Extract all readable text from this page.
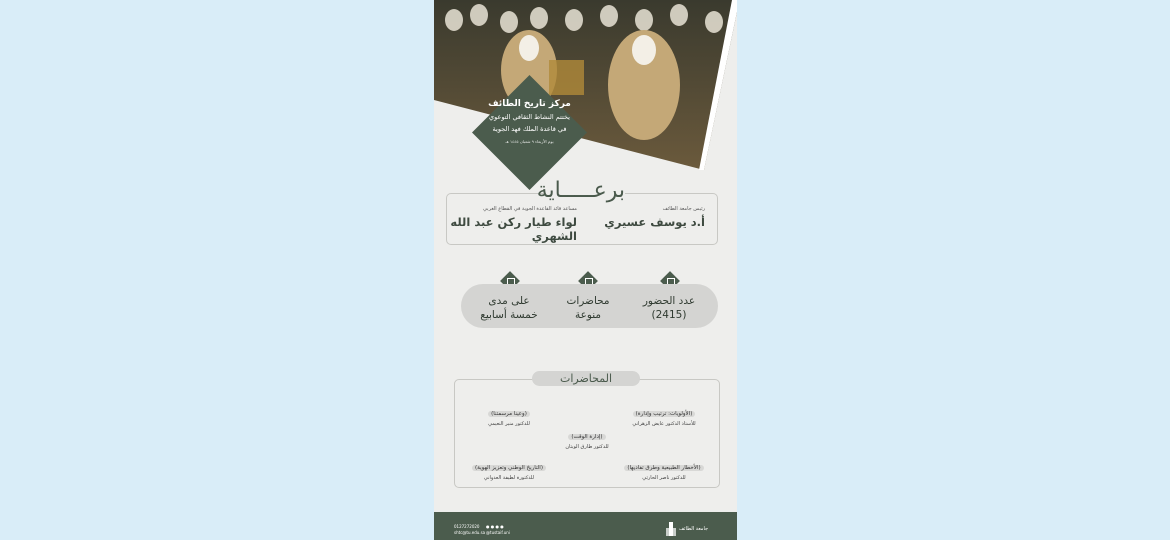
مركز تاريخ الطائف
يختتم النشاط الثقافي التوعوي
في قاعدة الملك فهد الجوية
يوم الأربعاء ٩ شعبان ١٤٤٥ هـ
رئيس جامعة الطائف
أ.د يوسف عسيري
مساعد قائد القاعدة الجوية في القطاع الغربي
لواء طيار ركن عبد الله الشهري
برعـــــاية
عدد الحضور
(2415)
محاضرات
منوعة
على مدى
خمسة أسابيع
المحاضرات
(الأولويات: ترتيب وإدارة)
للأستاذ الدكتور عايض الزهراني
(وعينا مرسمتنا)
للدكتور منير النعيمي
(إدارة الوقت)
للدكتور طارق الوبثان
(الأخطار الطبيعية وطرق تفاديها)
للدكتور ناصر الحارثي
(التاريخ الوطني وتعزيز الهوية)
للدكتورة لطيفة العدواني
0127272020
shtc@tu.edu.sa
● ● ● ●
@tustaif.uni
جامعة الطائف
